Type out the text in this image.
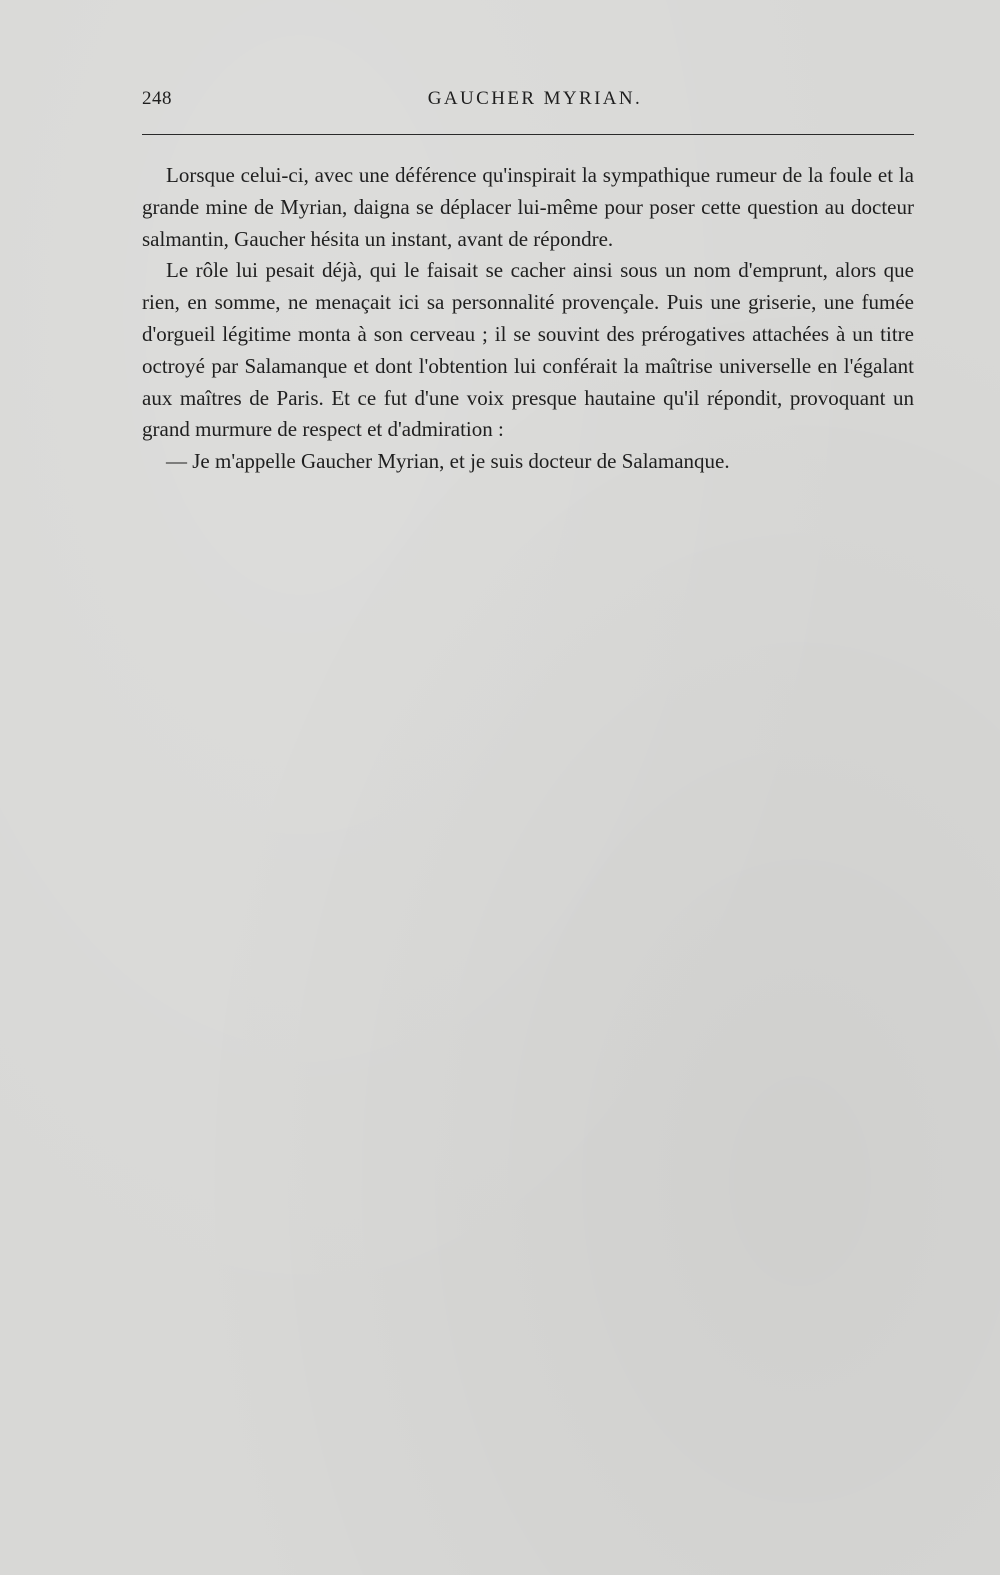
248	GAUCHER MYRIAN.

Lorsque celui-ci, avec une déférence qu'inspirait la sympathique rumeur de la foule et la grande mine de Myrian, daigna se déplacer lui-même pour poser cette question au docteur salmantin, Gaucher hésita un instant, avant de répondre.

Le rôle lui pesait déjà, qui le faisait se cacher ainsi sous un nom d'emprunt, alors que rien, en somme, ne menaçait ici sa personnalité provençale. Puis une griserie, une fumée d'orgueil légitime monta à son cerveau ; il se souvint des prérogatives attachées à un titre octroyé par Salamanque et dont l'obtention lui conférait la maîtrise universelle en l'égalant aux maîtres de Paris. Et ce fut d'une voix presque hautaine qu'il répondit, provoquant un grand murmure de respect et d'admiration :

— Je m'appelle Gaucher Myrian, et je suis docteur de Salamanque.
